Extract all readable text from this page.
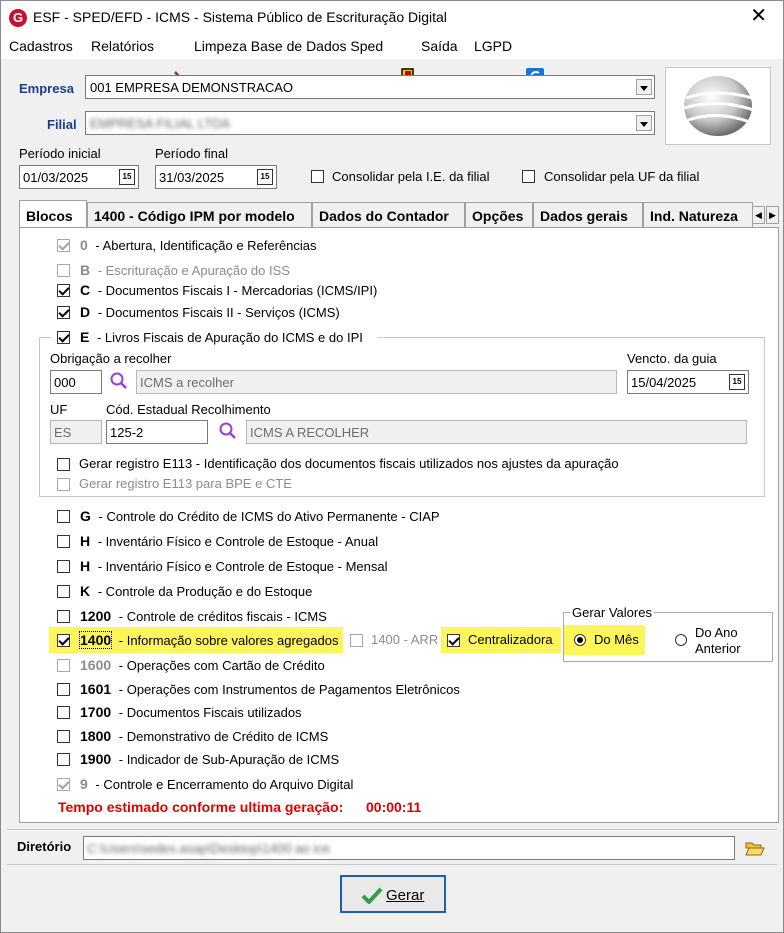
G ESF - SPED/EFD - ICMS - Sistema Público de Escrituração Digital	✕
Cadastros Relatórios	Limpeza Base de Dados Sped	Saída LGPD
Empresa 001 EMPRESA DEMONSTRACAO
Filial EMPRESA FILIAL LTDA
Período inicial
01/03/2025	15
Período final
31/03/2025	15	Consolidar pela I.E. da filial	Consolidar pela UF da filial
Blocos	1400 - Código IPM por modelo	Dados do Contador	Opções	Dados gerais	Ind. Natureza	◀ ▶
0 - Abertura, Identificação e Referências
B - Escrituração e Apuração do ISS
C - Documentos Fiscais I - Mercadorias (ICMS/IPI)
D - Documentos Fiscais II - Serviços (ICMS)
E - Livros Fiscais de Apuração do ICMS e do IPI
Obrigação a recolher
000	ICMS a recolher
Vencto. da guia
15/04/2025	15
UF
ES
Cód. Estadual Recolhimento
125-2	ICMS A RECOLHER
Gerar registro E113 - Identificação dos documentos fiscais utilizados nos ajustes da apuração
Gerar registro E113 para BPE e CTE
G - Controle do Crédito de ICMS do Ativo Permanente - CIAP
H - Inventário Físico e Controle de Estoque - Anual
H - Inventário Físico e Controle de Estoque - Mensal
K - Controle da Produção e do Estoque
1200 - Controle de créditos fiscais - ICMS
1400 - Informação sobre valores agregados	1400 - ARR Centralizadora
Gerar Valores
Do Mês	Do Ano
Anterior
1600 - Operações com Cartão de Crédito
1601 - Operações com Instrumentos de Pagamentos Eletrônicos
1700 - Documentos Fiscais utilizados
1800 - Demonstrativo de Crédito de ICMS
1900 - Indicador de Sub-Apuração de ICMS
9 - Controle e Encerramento do Arquivo Digital
Tempo estimado conforme ultima geração: 00:00:11
Diretório C:\Users\sedes.asap\Desktop\1400 ao ice
Gerar
